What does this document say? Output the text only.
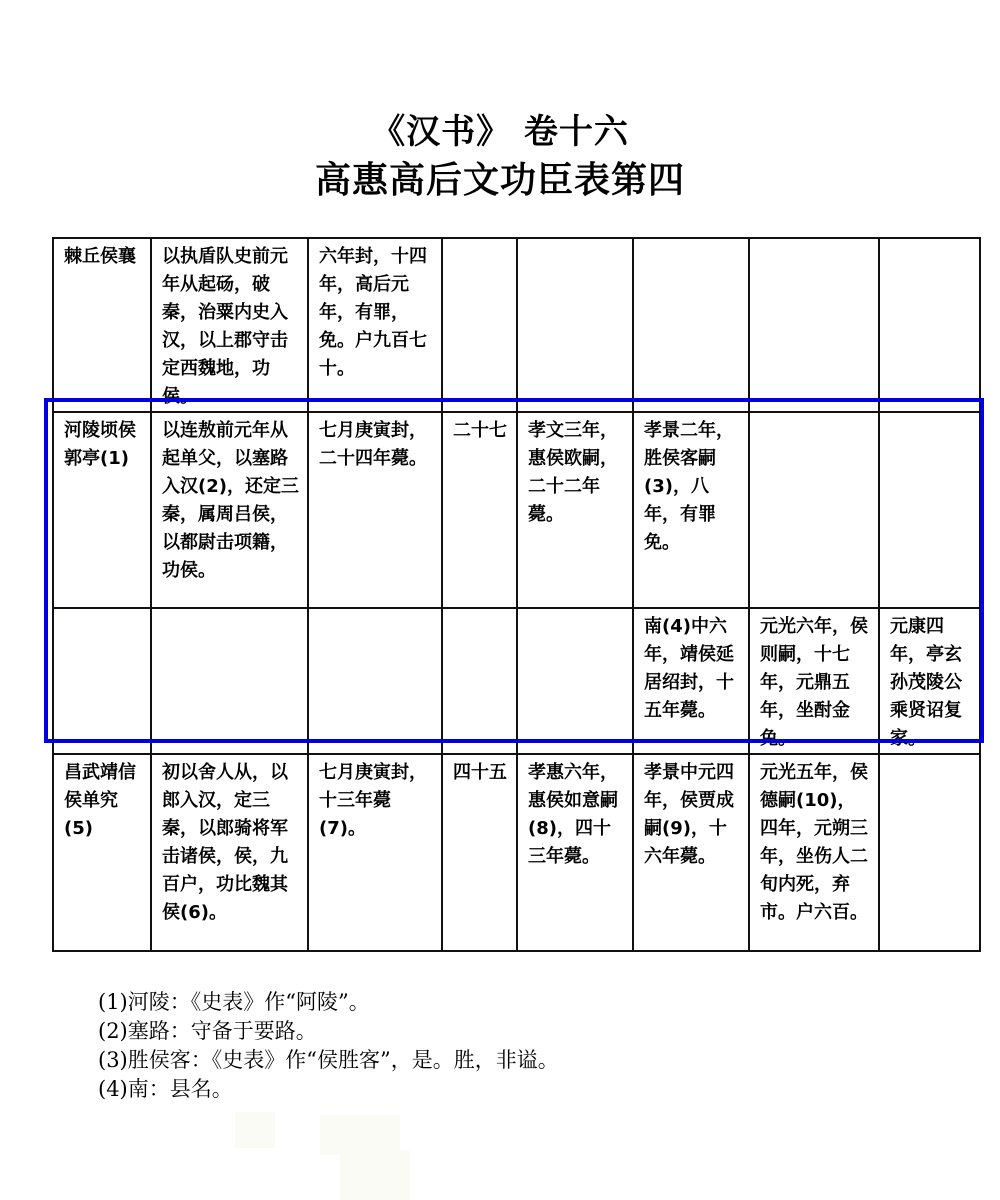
《汉书》 卷十六
高惠高后文功臣表第四
棘丘侯襄	以执盾队史前元年从起砀，破秦，治粟内史入汉，以上郡守击定西魏地，功侯。	六年封，十四年，高后元年，有罪，免。户九百七十。					
河陵顷侯郭亭(1)	以连敖前元年从起单父，以塞路入汉(2)，还定三秦，属周吕侯，以都尉击项籍，功侯。	七月庚寅封，二十四年薨。	二十七	孝文三年，惠侯欧嗣，二十二年薨。	孝景二年，胜侯客嗣(3)，八年，有罪免。		
					南(4)中六年，靖侯延居绍封，十五年薨。	元光六年，侯则嗣，十七年，元鼎五年，坐酎金免。	元康四年，亭玄孙茂陵公乘贤诏复家。
昌武靖信侯单究(5)	初以舍人从，以郎入汉，定三秦，以郎骑将军击诸侯，侯，九百户，功比魏其侯(6)。	七月庚寅封，十三年薨(7)。	四十五	孝惠六年，惠侯如意嗣(8)，四十三年薨。	孝景中元四年，侯贾成嗣(9)，十六年薨。	元光五年，侯德嗣(10)，四年，元朔三年，坐伤人二旬内死，弃市。户六百。	
(1)河陵：《史表》作“阿陵”。
(2)塞路：守备于要路。
(3)胜侯客：《史表》作“侯胜客”，是。胜，非谥。
(4)南：县名。
